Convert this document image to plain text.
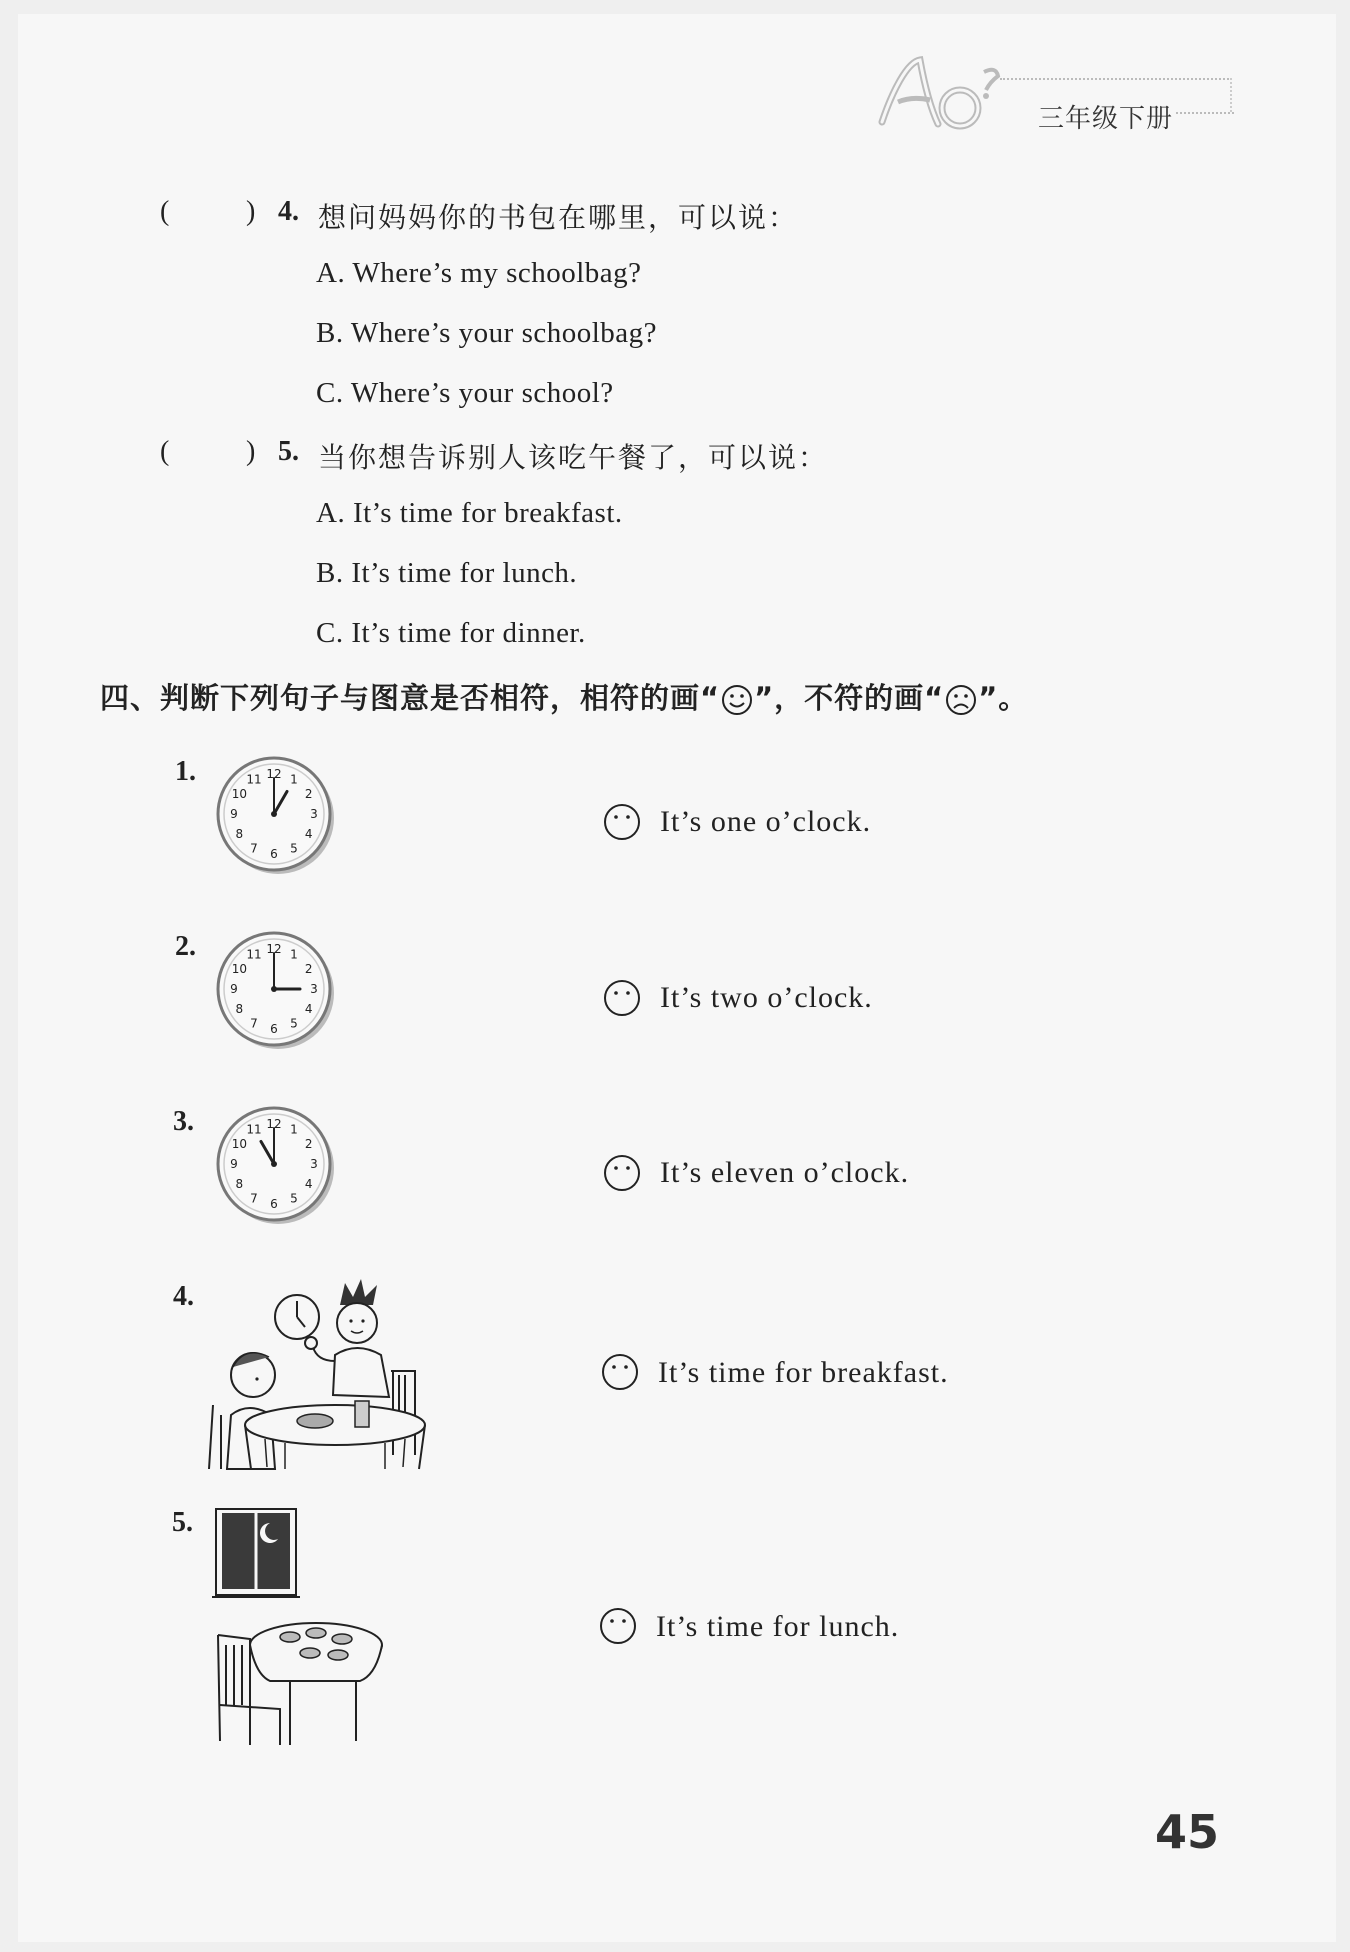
三年级下册
(	) 4. 想问妈妈你的书包在哪里，可以说：
A. Where’s my schoolbag?
B. Where’s your schoolbag?
C. Where’s your school?
(	) 5. 当你想告诉别人该吃午餐了，可以说：
A. It’s time for breakfast.
B. It’s time for lunch.
C. It’s time for dinner.
四、判断下列句子与图意是否相符，相符的画“ ”，不符的画“ ”。
1.	12 1
2
3
4
5
6
7
8
9
10
11
It’s one o’clock.
2.	12 1
2
3
4
5
6
7
8
9
10
11
It’s two o’clock.
3.	12 1
2
3
4
5
6
7
8
9
10
11
It’s eleven o’clock.
4.
It’s time for breakfast.
5.
It’s time for lunch.
45
